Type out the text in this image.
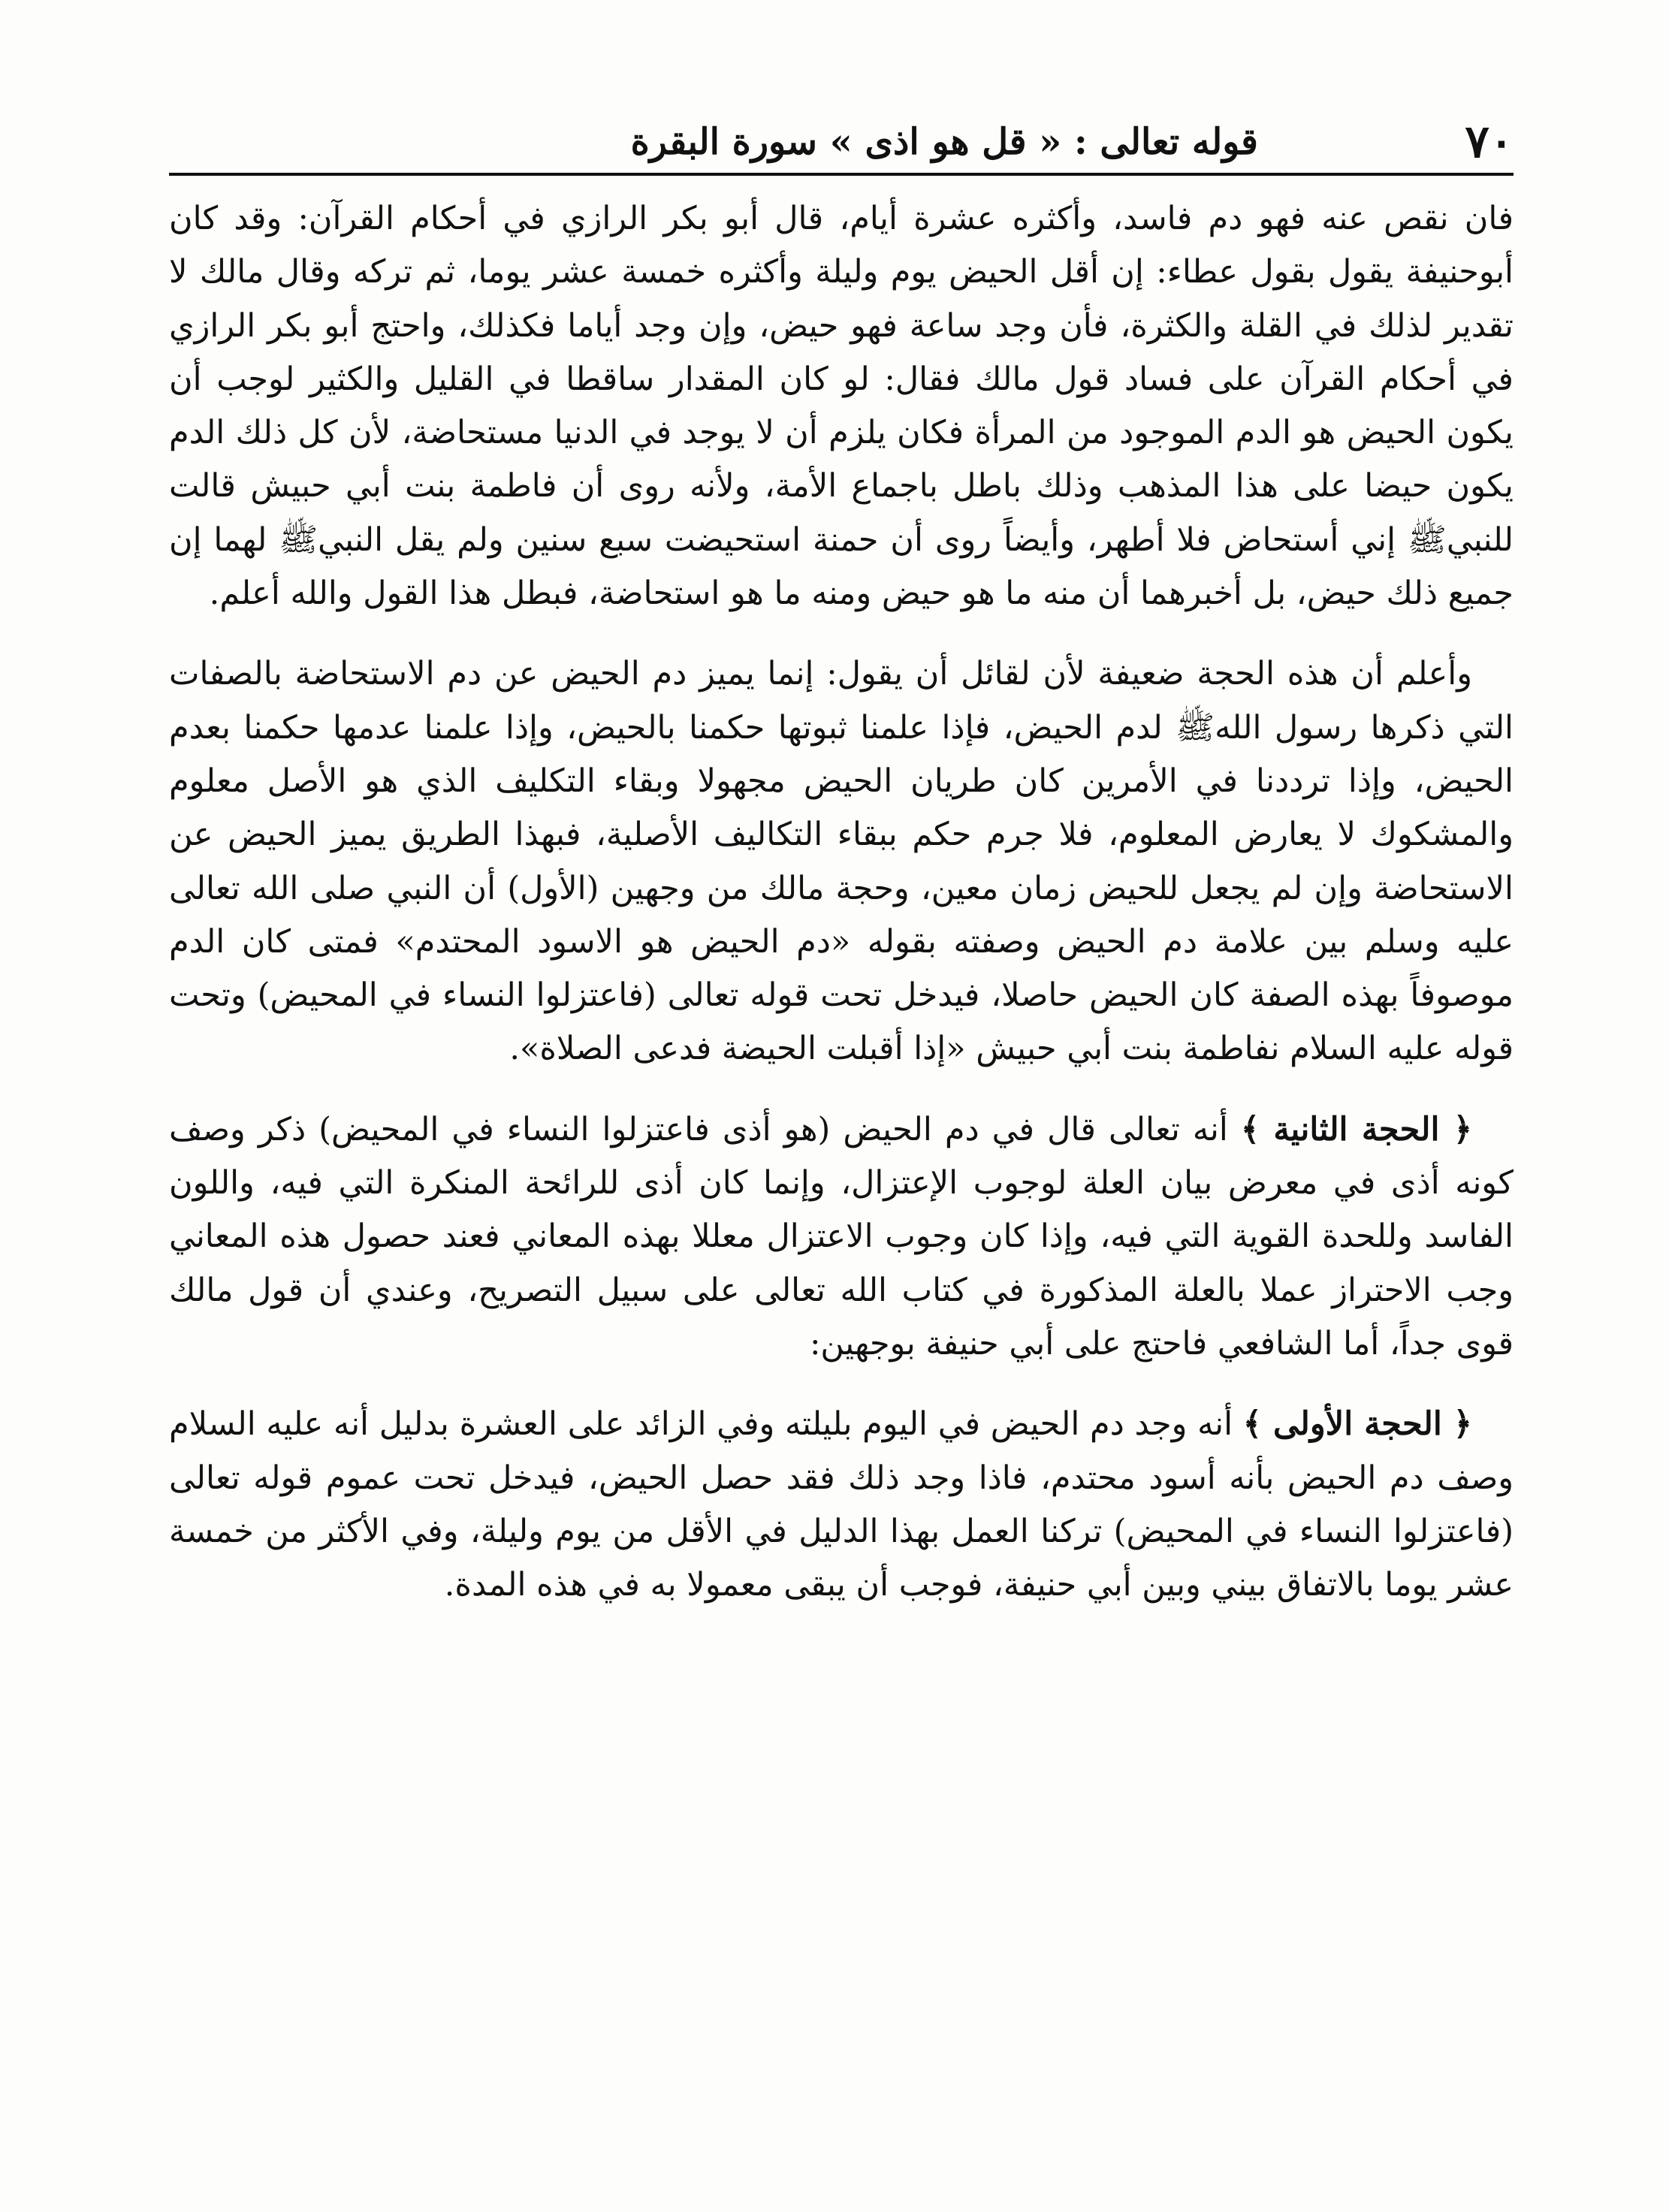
٧٠
قوله تعالى : « قل هو اذى » سورة البقرة

فان نقص عنه فهو دم فاسد، وأكثره عشرة أيام، قال أبو بكر الرازي في أحكام القرآن: وقد كان أبوحنيفة يقول بقول عطاء: إن أقل الحيض يوم وليلة وأكثره خمسة عشر يوما، ثم تركه وقال مالك لا تقدير لذلك في القلة والكثرة، فأن وجد ساعة فهو حيض، وإن وجد أياما فكذلك، واحتج أبو بكر الرازي في أحكام القرآن على فساد قول مالك فقال: لو كان المقدار ساقطا في القليل والكثير لوجب أن يكون الحيض هو الدم الموجود من المرأة فكان يلزم أن لا يوجد في الدنيا مستحاضة، لأن كل ذلك الدم يكون حيضا على هذا المذهب وذلك باطل باجماع الأمة، ولأنه روى أن فاطمة بنت أبي حبيش قالت للنبيﷺ إني أستحاض فلا أطهر، وأيضاً روى أن حمنة استحيضت سبع سنين ولم يقل النبيﷺ لهما إن جميع ذلك حيض، بل أخبرهما أن منه ما هو حيض ومنه ما هو استحاضة، فبطل هذا القول والله أعلم.

وأعلم أن هذه الحجة ضعيفة لأن لقائل أن يقول: إنما يميز دم الحيض عن دم الاستحاضة بالصفات التي ذكرها رسول اللهﷺ لدم الحيض، فإذا علمنا ثبوتها حكمنا بالحيض، وإذا علمنا عدمها حكمنا بعدم الحيض، وإذا ترددنا في الأمرين كان طريان الحيض مجهولا وبقاء التكليف الذي هو الأصل معلوم والمشكوك لا يعارض المعلوم، فلا جرم حكم ببقاء التكاليف الأصلية، فبهذا الطريق يميز الحيض عن الاستحاضة وإن لم يجعل للحيض زمان معين، وحجة مالك من وجهين (الأول) أن النبي صلى الله تعالى عليه وسلم بين علامة دم الحيض وصفته بقوله «دم الحيض هو الاسود المحتدم» فمتى كان الدم موصوفاً بهذه الصفة كان الحيض حاصلا، فيدخل تحت قوله تعالى (فاعتزلوا النساء في المحيض) وتحت قوله عليه السلام نفاطمة بنت أبي حبيش «إذا أقبلت الحيضة فدعى الصلاة».

﴿ الحجة الثانية ﴾ أنه تعالى قال في دم الحيض (هو أذى فاعتزلوا النساء في المحيض) ذكر وصف كونه أذى في معرض بيان العلة لوجوب الإعتزال، وإنما كان أذى للرائحة المنكرة التي فيه، واللون الفاسد وللحدة القوية التي فيه، وإذا كان وجوب الاعتزال معللا بهذه المعاني فعند حصول هذه المعاني وجب الاحتراز عملا بالعلة المذكورة في كتاب الله تعالى على سبيل التصريح، وعندي أن قول مالك قوى جداً، أما الشافعي فاحتج على أبي حنيفة بوجهين:

﴿ الحجة الأولى ﴾ أنه وجد دم الحيض في اليوم بليلته وفي الزائد على العشرة بدليل أنه عليه السلام وصف دم الحيض بأنه أسود محتدم، فاذا وجد ذلك فقد حصل الحيض، فيدخل تحت عموم قوله تعالى (فاعتزلوا النساء في المحيض) تركنا العمل بهذا الدليل في الأقل من يوم وليلة، وفي الأكثر من خمسة عشر يوما بالاتفاق بيني وبين أبي حنيفة، فوجب أن يبقى معمولا به في هذه المدة.
